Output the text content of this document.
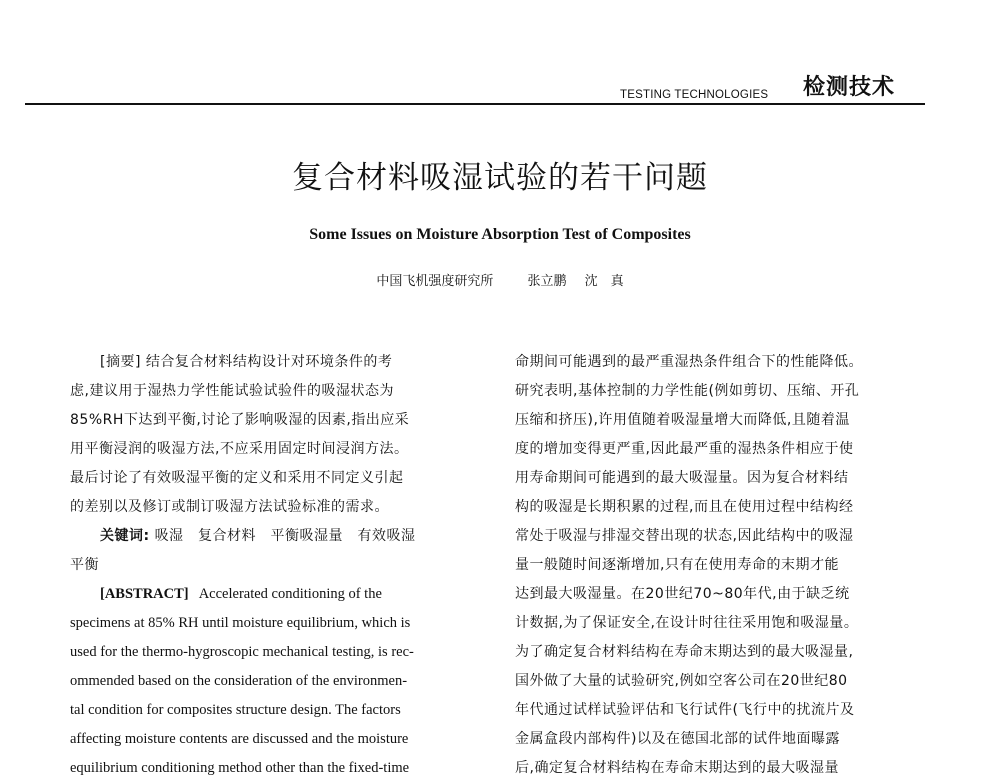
TESTING TECHNOLOGIES 检测技术
复合材料吸湿试验的若干问题
Some Issues on Moisture Absorption Test of Composites
中国飞机强度研究所	张立鹏 沈　真
[摘要] 结合复合材料结构设计对环境条件的考
虑,建议用于湿热力学性能试验试验件的吸湿状态为
85%RH下达到平衡,讨论了影响吸湿的因素,指出应采
用平衡浸润的吸湿方法,不应采用固定时间浸润方法。
最后讨论了有效吸湿平衡的定义和采用不同定义引起
的差别以及修订或制订吸湿方法试验标准的需求。
关键词: 吸湿　复合材料　平衡吸湿量　有效吸湿
平衡
[ABSTRACT] Accelerated conditioning of the
specimens at 85% RH until moisture equilibrium, which is
used for the thermo-hygroscopic mechanical testing, is rec-
ommended based on the consideration of the environmen-
tal condition for composites structure design. The factors
affecting moisture contents are discussed and the moisture
equilibrium conditioning method other than the fixed-time
命期间可能遇到的最严重湿热条件组合下的性能降低。
研究表明,基体控制的力学性能(例如剪切、压缩、开孔
压缩和挤压),许用值随着吸湿量增大而降低,且随着温
度的增加变得更严重,因此最严重的湿热条件相应于使
用寿命期间可能遇到的最大吸湿量。因为复合材料结
构的吸湿是长期积累的过程,而且在使用过程中结构经
常处于吸湿与排湿交替出现的状态,因此结构中的吸湿
量一般随时间逐渐增加,只有在使用寿命的末期才能
达到最大吸湿量。在20世纪70~80年代,由于缺乏统
计数据,为了保证安全,在设计时往往采用饱和吸湿量。
为了确定复合材料结构在寿命末期达到的最大吸湿量,
国外做了大量的试验研究,例如空客公司在20世纪80
年代通过试样试验评估和飞行试件(飞行中的扰流片及
金属盒段内部构件)以及在德国北部的试件地面曝露
后,确定复合材料结构在寿命末期达到的最大吸湿量
